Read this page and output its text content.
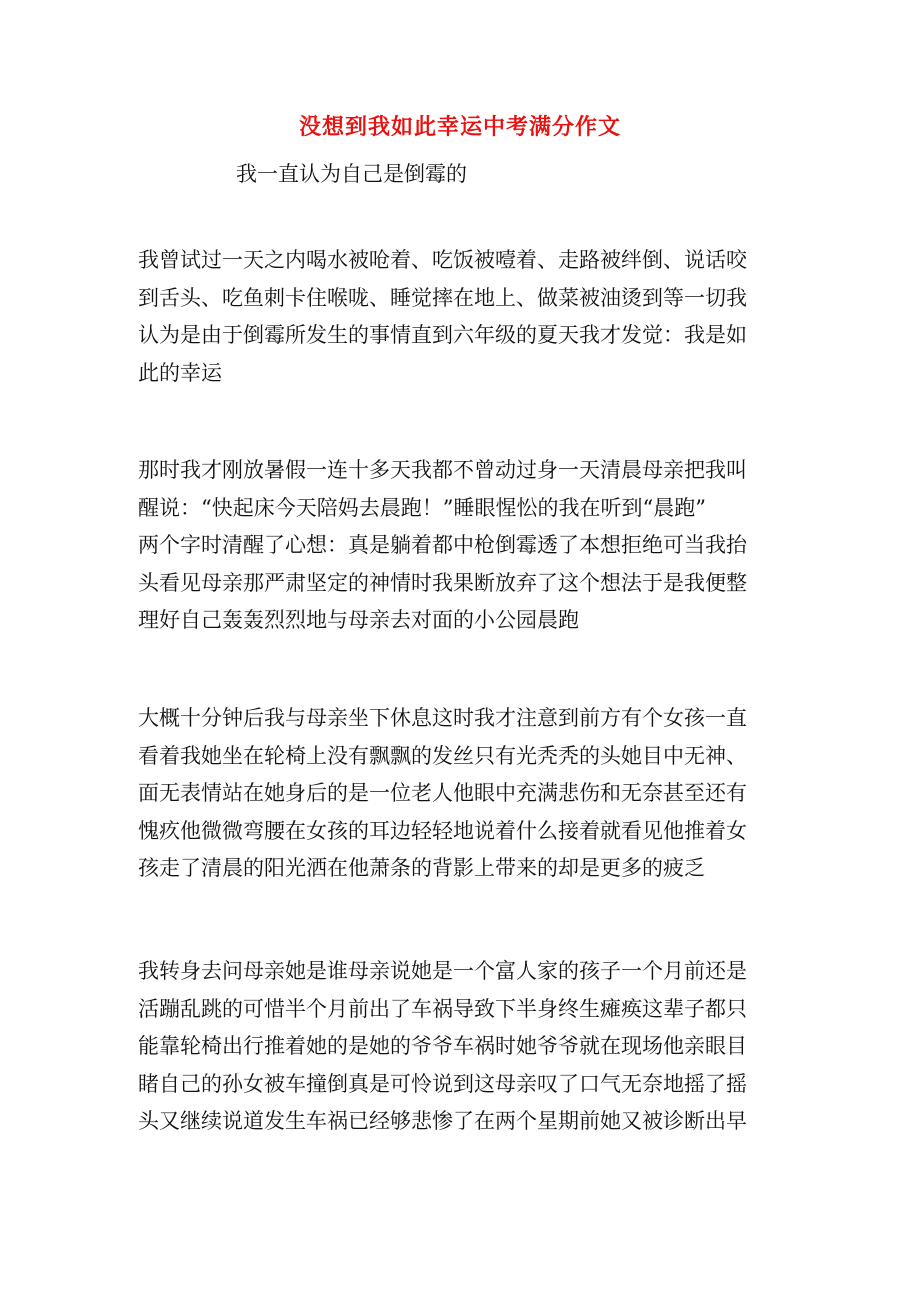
没想到我如此幸运中考满分作文
我一直认为自己是倒霉的
我曾试过一天之内喝水被呛着、吃饭被噎着、走路被绊倒、说话咬
到舌头、吃鱼刺卡住喉咙、睡觉摔在地上、做菜被油烫到等一切我
认为是由于倒霉所发生的事情直到六年级的夏天我才发觉：我是如
此的幸运
那时我才刚放暑假一连十多天我都不曾动过身一天清晨母亲把我叫
醒说：“快起床今天陪妈去晨跑！”睡眼惺忪的我在听到“晨跑”
两个字时清醒了心想：真是躺着都中枪倒霉透了本想拒绝可当我抬
头看见母亲那严肃坚定的神情时我果断放弃了这个想法于是我便整
理好自己轰轰烈烈地与母亲去对面的小公园晨跑
大概十分钟后我与母亲坐下休息这时我才注意到前方有个女孩一直
看着我她坐在轮椅上没有飘飘的发丝只有光秃秃的头她目中无神、
面无表情站在她身后的是一位老人他眼中充满悲伤和无奈甚至还有
愧疚他微微弯腰在女孩的耳边轻轻地说着什么接着就看见他推着女
孩走了清晨的阳光洒在他萧条的背影上带来的却是更多的疲乏
我转身去问母亲她是谁母亲说她是一个富人家的孩子一个月前还是
活蹦乱跳的可惜半个月前出了车祸导致下半身终生瘫痪这辈子都只
能靠轮椅出行推着她的是她的爷爷车祸时她爷爷就在现场他亲眼目
睹自己的孙女被车撞倒真是可怜说到这母亲叹了口气无奈地摇了摇
头又继续说道发生车祸已经够悲惨了在两个星期前她又被诊断出早
